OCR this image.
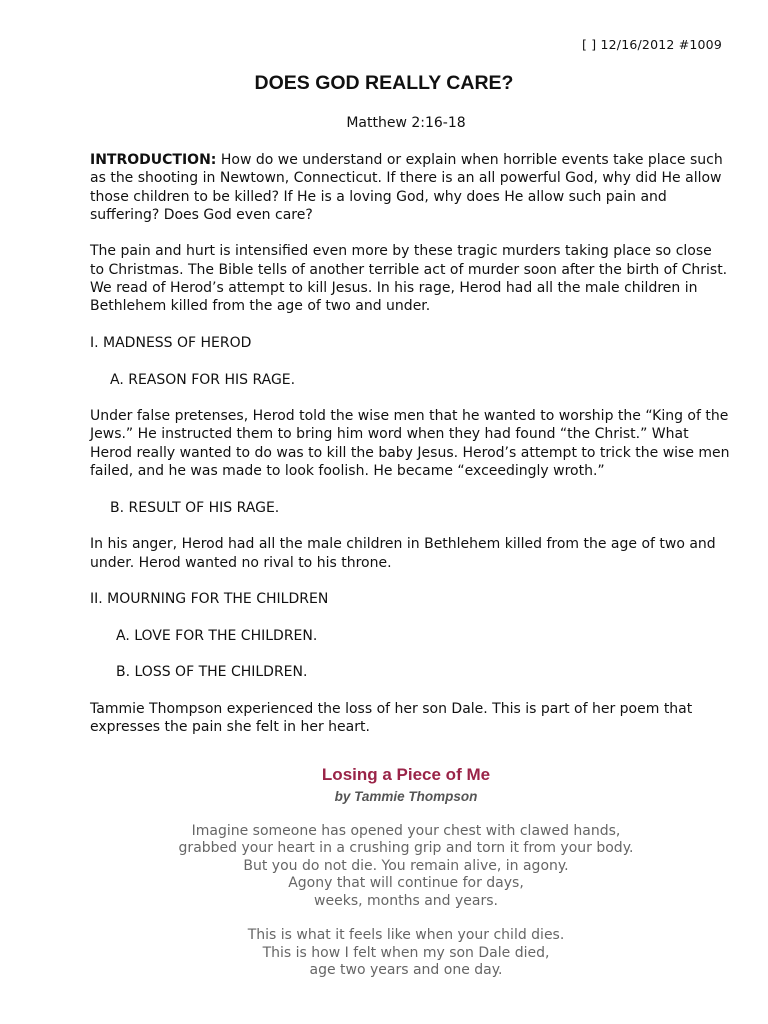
[ ] 12/16/2012 #1009
DOES GOD REALLY CARE?
Matthew 2:16-18

INTRODUCTION: How do we understand or explain when horrible events take place such as the shooting in Newtown, Connecticut. If there is an all powerful God, why did He allow those children to be killed? If He is a loving God, why does He allow such pain and suffering? Does God even care?

The pain and hurt is intensified even more by these tragic murders taking place so close to Christmas. The Bible tells of another terrible act of murder soon after the birth of Christ. We read of Herod’s attempt to kill Jesus. In his rage, Herod had all the male children in Bethlehem killed from the age of two and under.

I. MADNESS OF HEROD
A. REASON FOR HIS RAGE.

Under false pretenses, Herod told the wise men that he wanted to worship the “King of the Jews.” He instructed them to bring him word when they had found “the Christ.” What Herod really wanted to do was to kill the baby Jesus. Herod’s attempt to trick the wise men failed, and he was made to look foolish. He became “exceedingly wroth.”

B. RESULT OF HIS RAGE.

In his anger, Herod had all the male children in Bethlehem killed from the age of two and under. Herod wanted no rival to his throne.

II. MOURNING FOR THE CHILDREN
A. LOVE FOR THE CHILDREN.
B. LOSS OF THE CHILDREN.

Tammie Thompson experienced the loss of her son Dale. This is part of her poem that expresses the pain she felt in her heart.

Losing a Piece of Me
by Tammie Thompson
Imagine someone has opened your chest with clawed hands,
grabbed your heart in a crushing grip and torn it from your body.
But you do not die. You remain alive, in agony.
Agony that will continue for days,
weeks, months and years.
This is what it feels like when your child dies.
This is how I felt when my son Dale died,
age two years and one day.
